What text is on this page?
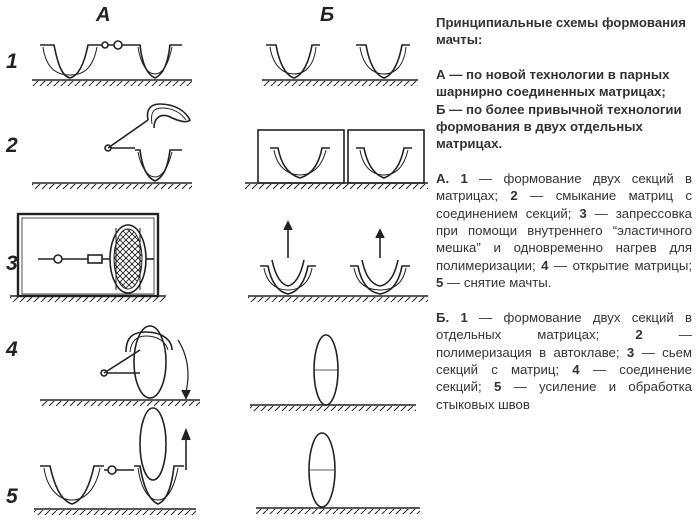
А	Б
1
2
3
4
5

Принципиальные схемы формования мачты:

А — по новой технологии в парных шарнирно соединенных матрицах;

Б — по более привычной технологии формования в двух отдельных матрицах.

А. 1 — формование двух секций в матрицах; 2 — смыкание матриц с соединением секций; 3 — запрессовка при помощи внутреннего “эластичного мешка” и одновременно нагрев для полимеризации; 4 — открытие матрицы; 5 — снятие мачты.

Б. 1 — формование двух секций в отдельных матрицах; 2 — полимеризация в автоклаве; 3 — сьем секций с матриц; 4 — соединение секций; 5 — усиление и обработка стыковых швов
